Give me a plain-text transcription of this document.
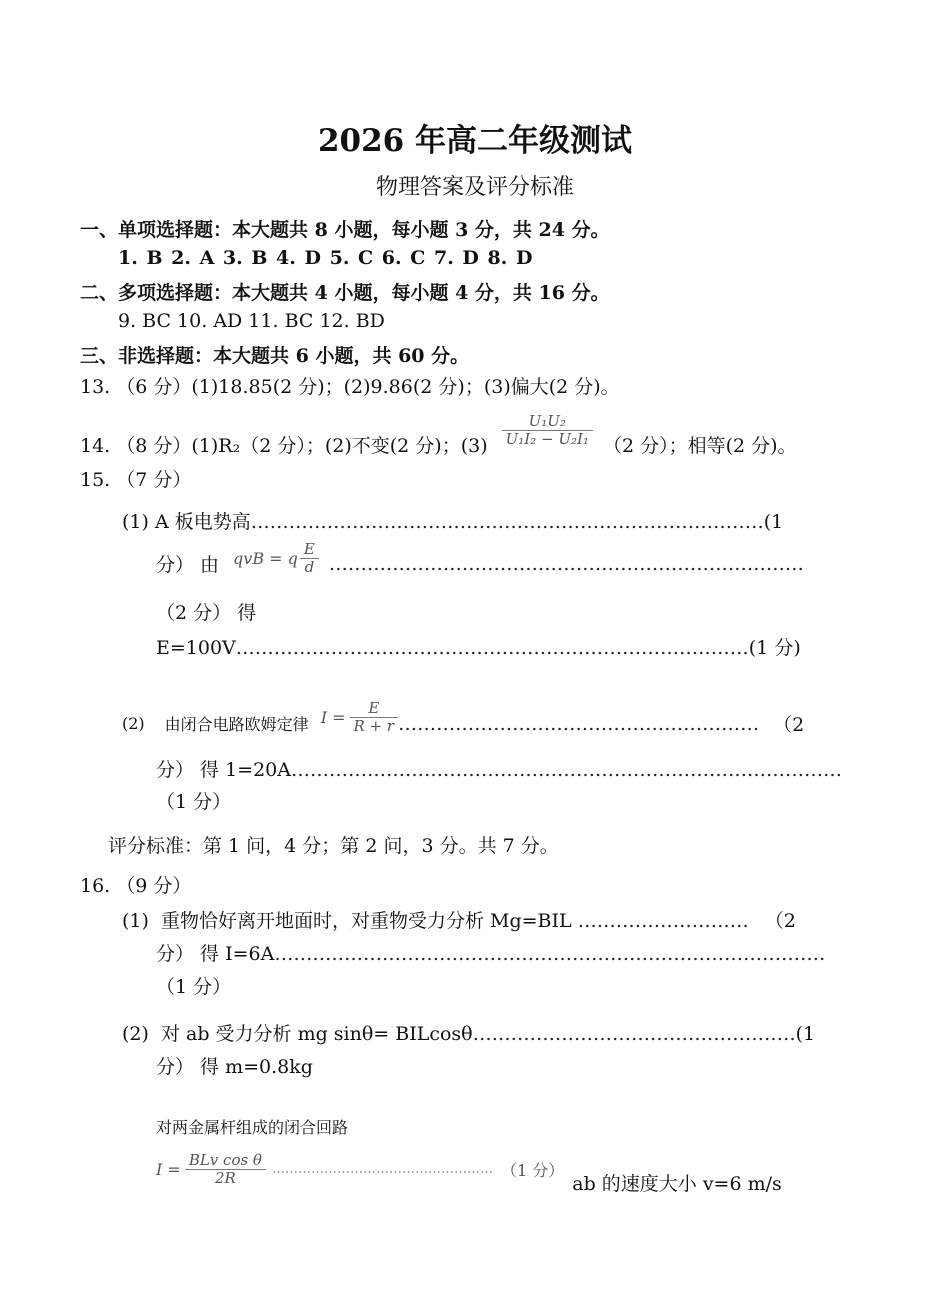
2026 年高二年级测试
物理答案及评分标准
一、单项选择题：本大题共 8 小题，每小题 3 分，共 24 分。
1. B 2. A 3. B 4. D 5. C 6. C 7. D 8. D
二、多项选择题：本大题共 4 小题，每小题 4 分，共 16 分。
9. BC 10. AD 11. BC 12. BD
三、非选择题：本大题共 6 小题，共 60 分。
13. （6 分）(1)18.85(2 分)；(2)9.86(2 分)；(3)偏大(2 分)。
14. （8 分）(1)R₂（2 分）；(2)不变(2 分)；$(3) \frac{\text{U₁U₂}}{\text{U₁I₂ − U₂I₁}} (2$ 分）；相等(2 分)。
15. （7 分）
(1) A 板电势高………………………………………………………………………(1
分） 由 qvB = q $\frac{E}{d}$ …………………………………………………………………
（2 分） 得
E=100V………………………………………………………………………(1 分)
(2) 由闭合电路欧姆定律 $I = \frac{E}{R + r}$ ………………………………………………… （2
分） 得 1=20A……………………………………………………………………………
（1 分）
评分标准：第 1 问，4 分；第 2 问，3 分。共 7 分。
16. （9 分）
(1) 重物恰好离开地面时，对重物受力分析 Mg=BIL ……………………… （2
分） 得 I=6A……………………………………………………………………………
（1 分）
(2) 对 ab 受力分析 mg sinθ= BILcosθ……………………………………………(1
分） 得 m=0.8kg
对两金属杆组成的闭合回路
$I = \frac{\text{BLv cos θ}}{2R}$ …………………………………………… （1 分）
ab 的速度大小 v=6 m/s
